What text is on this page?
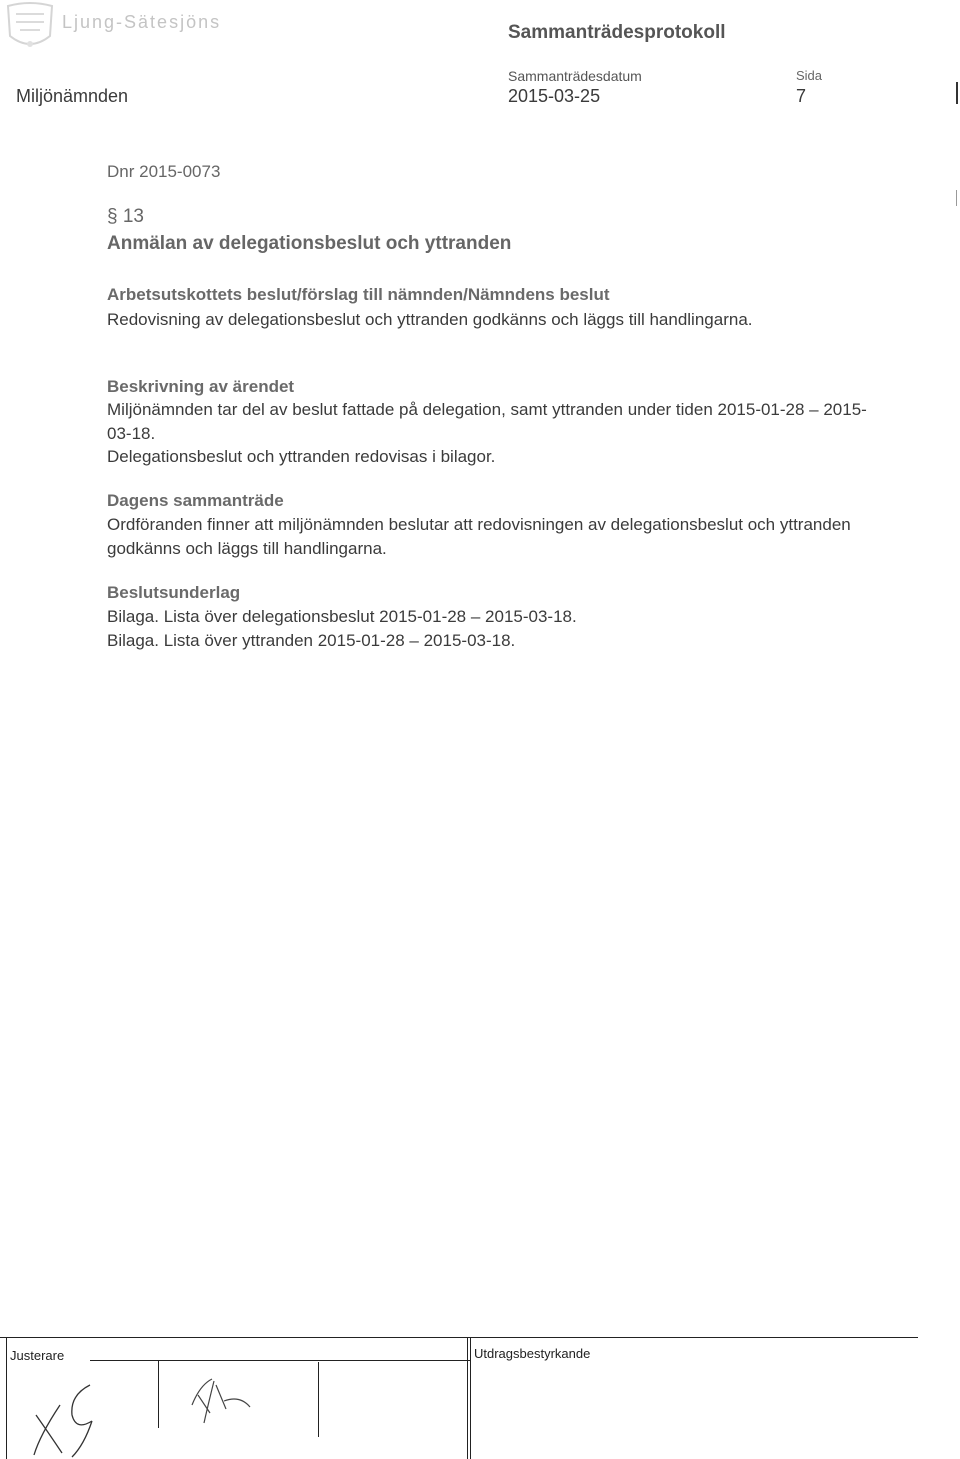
Ljung-Sätesjöns	Sammanträdesprotokoll
Miljönämnden
Sammanträdesdatum
2015-03-25
Sida
7
Dnr 2015-0073
§ 13
Anmälan av delegationsbeslut och yttranden
Arbetsutskottets beslut/förslag till nämnden/Nämndens beslut
Redovisning av delegationsbeslut och yttranden godkänns och läggs till handlingarna.
Beskrivning av ärendet
Miljönämnden tar del av beslut fattade på delegation, samt yttranden under tiden 2015-01-28 – 2015-03-18.
Delegationsbeslut och yttranden redovisas i bilagor.
Dagens sammanträde
Ordföranden finner att miljönämnden beslutar att redovisningen av delegationsbeslut och yttranden godkänns och läggs till handlingarna.
Beslutsunderlag
Bilaga. Lista över delegationsbeslut 2015-01-28 – 2015-03-18.
Bilaga. Lista över yttranden 2015-01-28 – 2015-03-18.
Justerare	Utdragsbestyrkande
